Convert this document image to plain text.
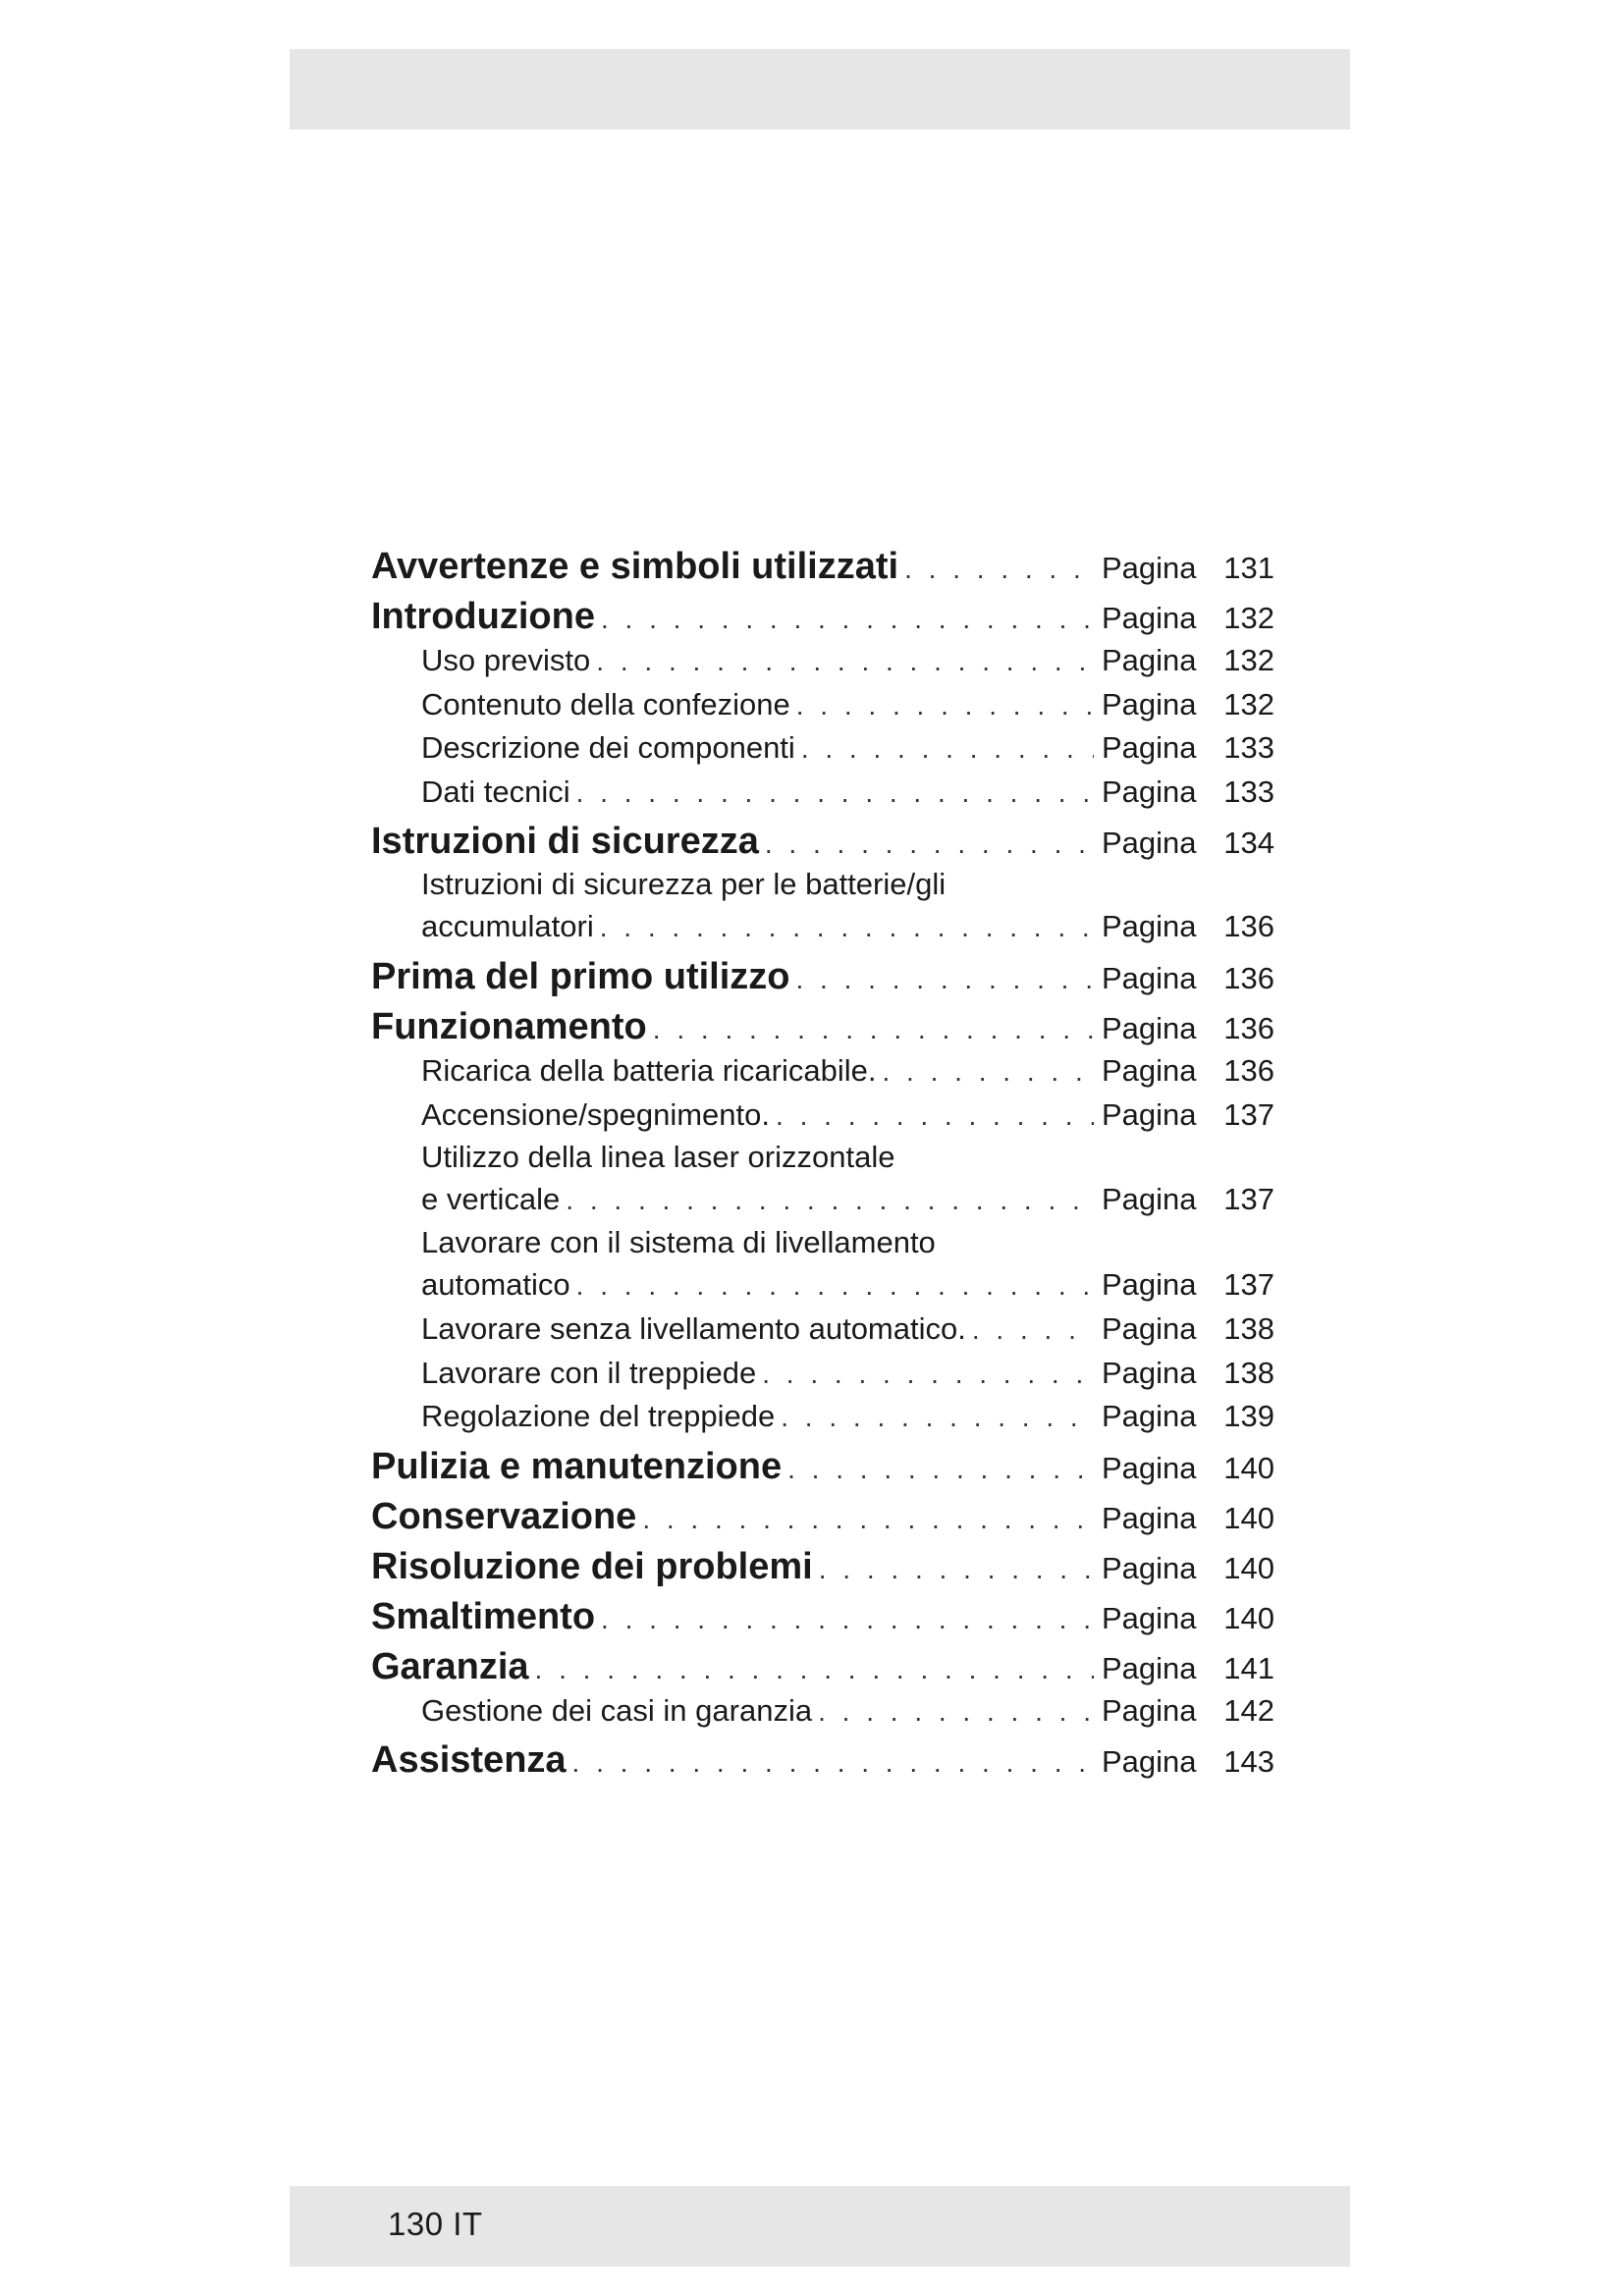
Avvertenze e simboli utilizzati . . .	Pagina 131
Introduzione . . .	Pagina 132
Uso previsto . . .	Pagina 132
Contenuto della confezione . . .	Pagina 132
Descrizione dei componenti . . .	Pagina 133
Dati tecnici . . .	Pagina 133
Istruzioni di sicurezza . . .	Pagina 134
Istruzioni di sicurezza per le batterie/gli
accumulatori . . .	Pagina 136
Prima del primo utilizzo . . .	Pagina 136
Funzionamento . . .	Pagina 136
Ricarica della batteria ricaricabile. . . .	Pagina 136
Accensione/spegnimento. . . .	Pagina 137
Utilizzo della linea laser orizzontale
e verticale . . .	Pagina 137
Lavorare con il sistema di livellamento
automatico . . .	Pagina 137
Lavorare senza livellamento automatico. . . .	Pagina 138
Lavorare con il treppiede . . .	Pagina 138
Regolazione del treppiede . . .	Pagina 139
Pulizia e manutenzione . . .	Pagina 140
Conservazione . . .	Pagina 140
Risoluzione dei problemi . . .	Pagina 140
Smaltimento . . .	Pagina 140
Garanzia . . .	Pagina 141
Gestione dei casi in garanzia . . .	Pagina 142
Assistenza . . .	Pagina 143
130 IT
